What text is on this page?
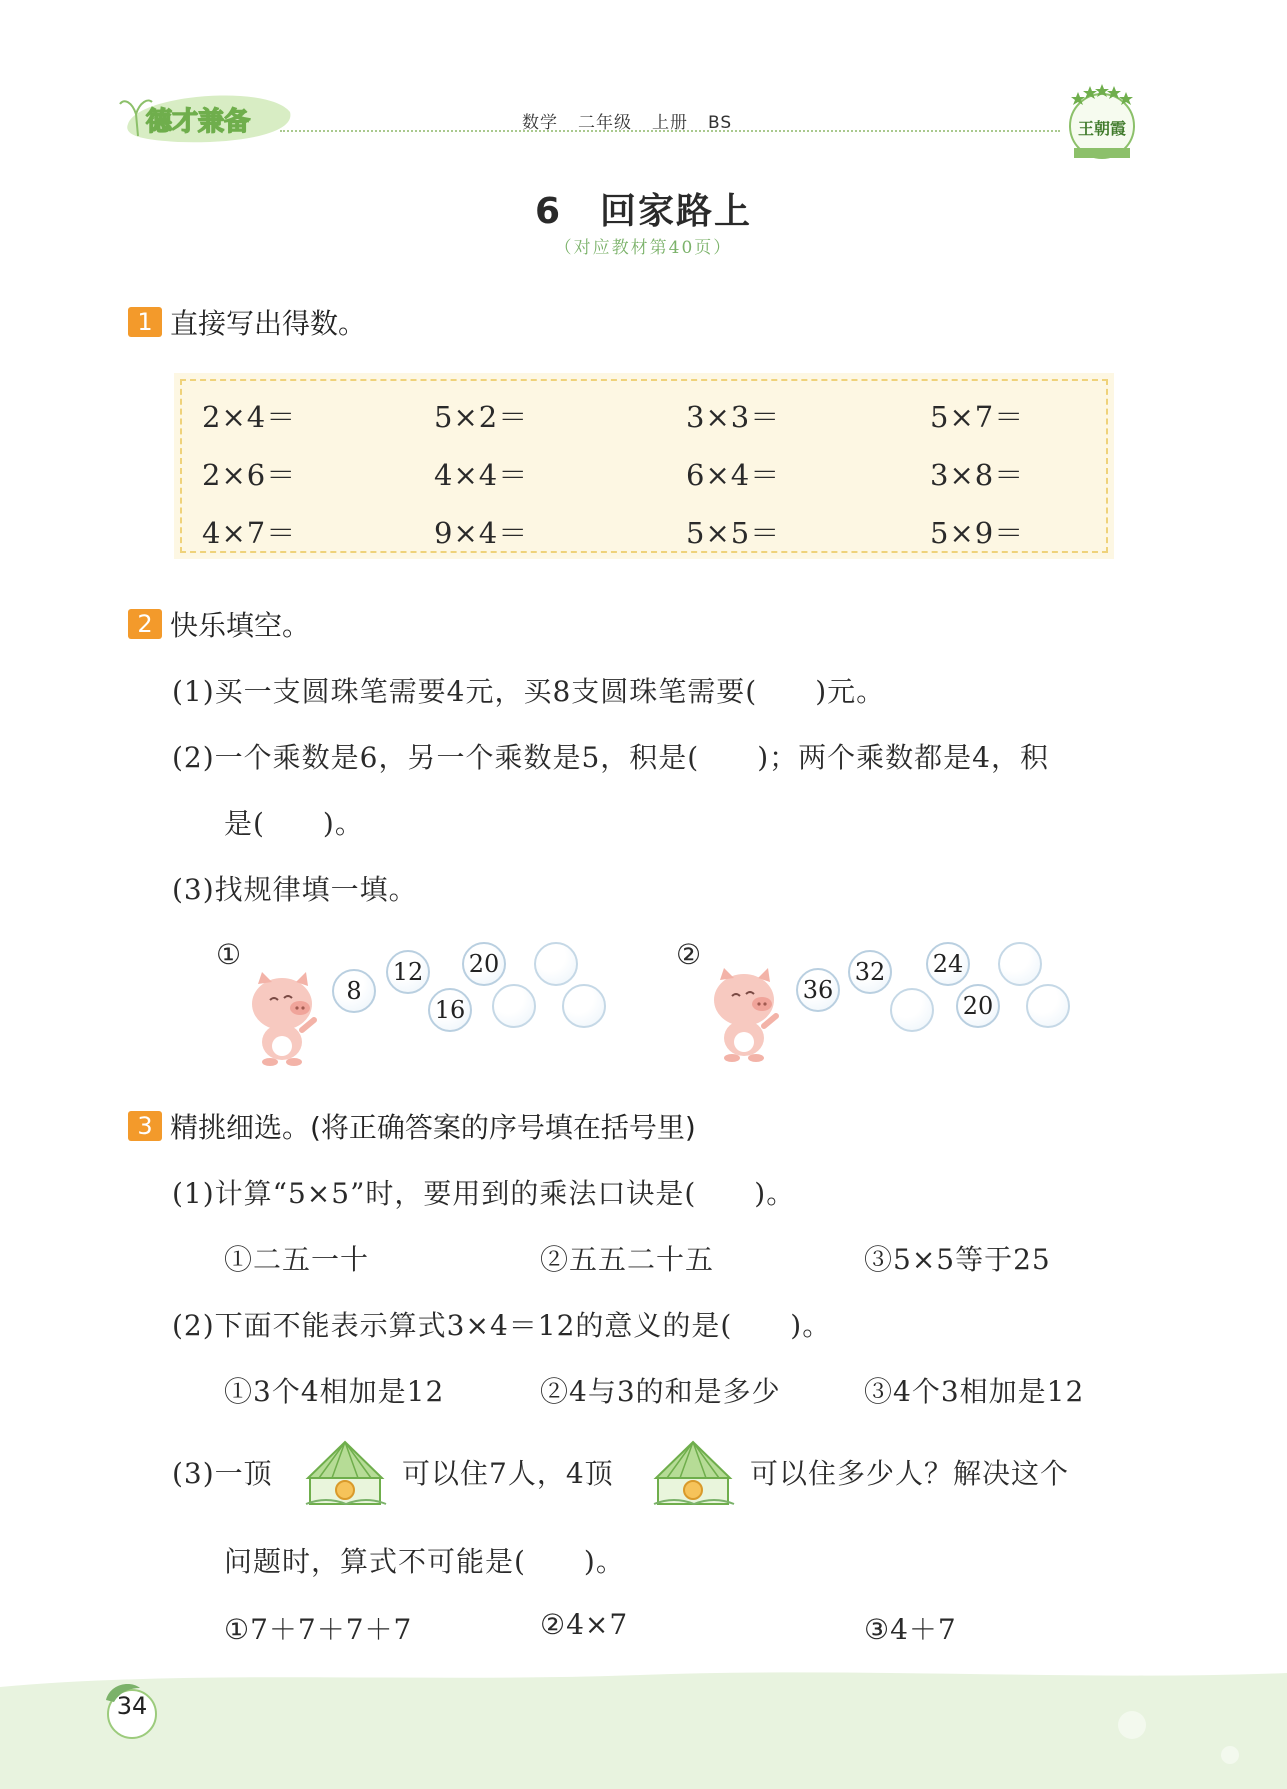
德才兼备	数学 二年级 上册 BS	王朝霞
6　回家路上
（对应教材第40页）
1 直接写出得数。
2×4＝	5×2＝	3×3＝	5×7＝
2×6＝	4×4＝	6×4＝	3×8＝
4×7＝	9×4＝	5×5＝	5×9＝
2 快乐填空。
(1)买一支圆珠笔需要4元，买8支圆珠笔需要(　　)元。
(2)一个乘数是6，另一个乘数是5，积是(　　)；两个乘数都是4，积
是(　　)。
(3)找规律填一填。
①
8
12
16
20	②
36
32 24
20
3 精挑细选。(将正确答案的序号填在括号里)
(1)计算“5×5”时，要用到的乘法口诀是(　　)。
①二五一十	②五五二十五	③5×5等于25
(2)下面不能表示算式3×4＝12的意义的是(　　)。
①3个4相加是12	②4与3的和是多少	③4个3相加是12
(3)一顶	可以住7人，4顶	可以住多少人？解决这个
问题时，算式不可能是(　　)。
①7＋7＋7＋7	②4×7	③4＋7
34
